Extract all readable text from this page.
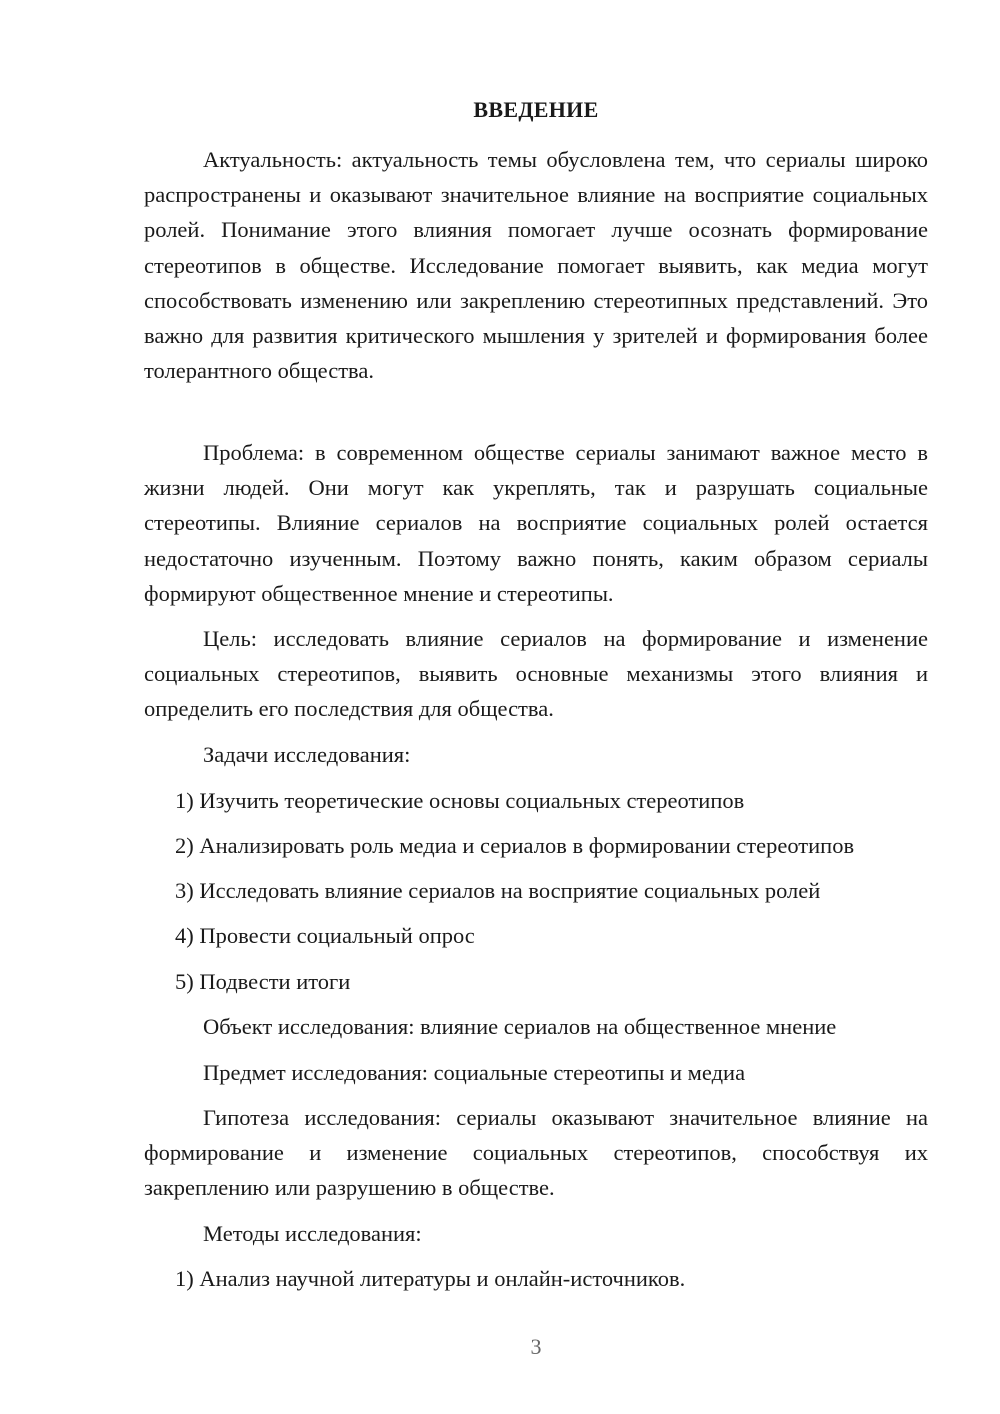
ВВЕДЕНИЕ

Актуальность: актуальность темы обусловлена тем, что сериалы широко распространены и оказывают значительное влияние на восприятие социальных ролей. Понимание этого влияния помогает лучше осознать формирование стереотипов в обществе. Исследование помогает выявить, как медиа могут способствовать изменению или закреплению стереотипных представлений. Это важно для развития критического мышления у зрителей и формирования более толерантного общества.

Проблема: в современном обществе сериалы занимают важное место в жизни людей. Они могут как укреплять, так и разрушать социальные стереотипы. Влияние сериалов на восприятие социальных ролей остается недостаточно изученным. Поэтому важно понять, каким образом сериалы формируют общественное мнение и стереотипы.

Цель: исследовать влияние сериалов на формирование и изменение социальных стереотипов, выявить основные механизмы этого влияния и определить его последствия для общества.

Задачи исследования:
1) Изучить теоретические основы социальных стереотипов
2) Анализировать роль медиа и сериалов в формировании стереотипов
3) Исследовать влияние сериалов на восприятие социальных ролей
4) Провести социальный опрос
5) Подвести итоги
Объект исследования: влияние сериалов на общественное мнение
Предмет исследования: социальные стереотипы и медиа

Гипотеза исследования: сериалы оказывают значительное влияние на формирование и изменение социальных стереотипов, способствуя их закреплению или разрушению в обществе.

Методы исследования:
1) Анализ научной литературы и онлайн-источников.
3
